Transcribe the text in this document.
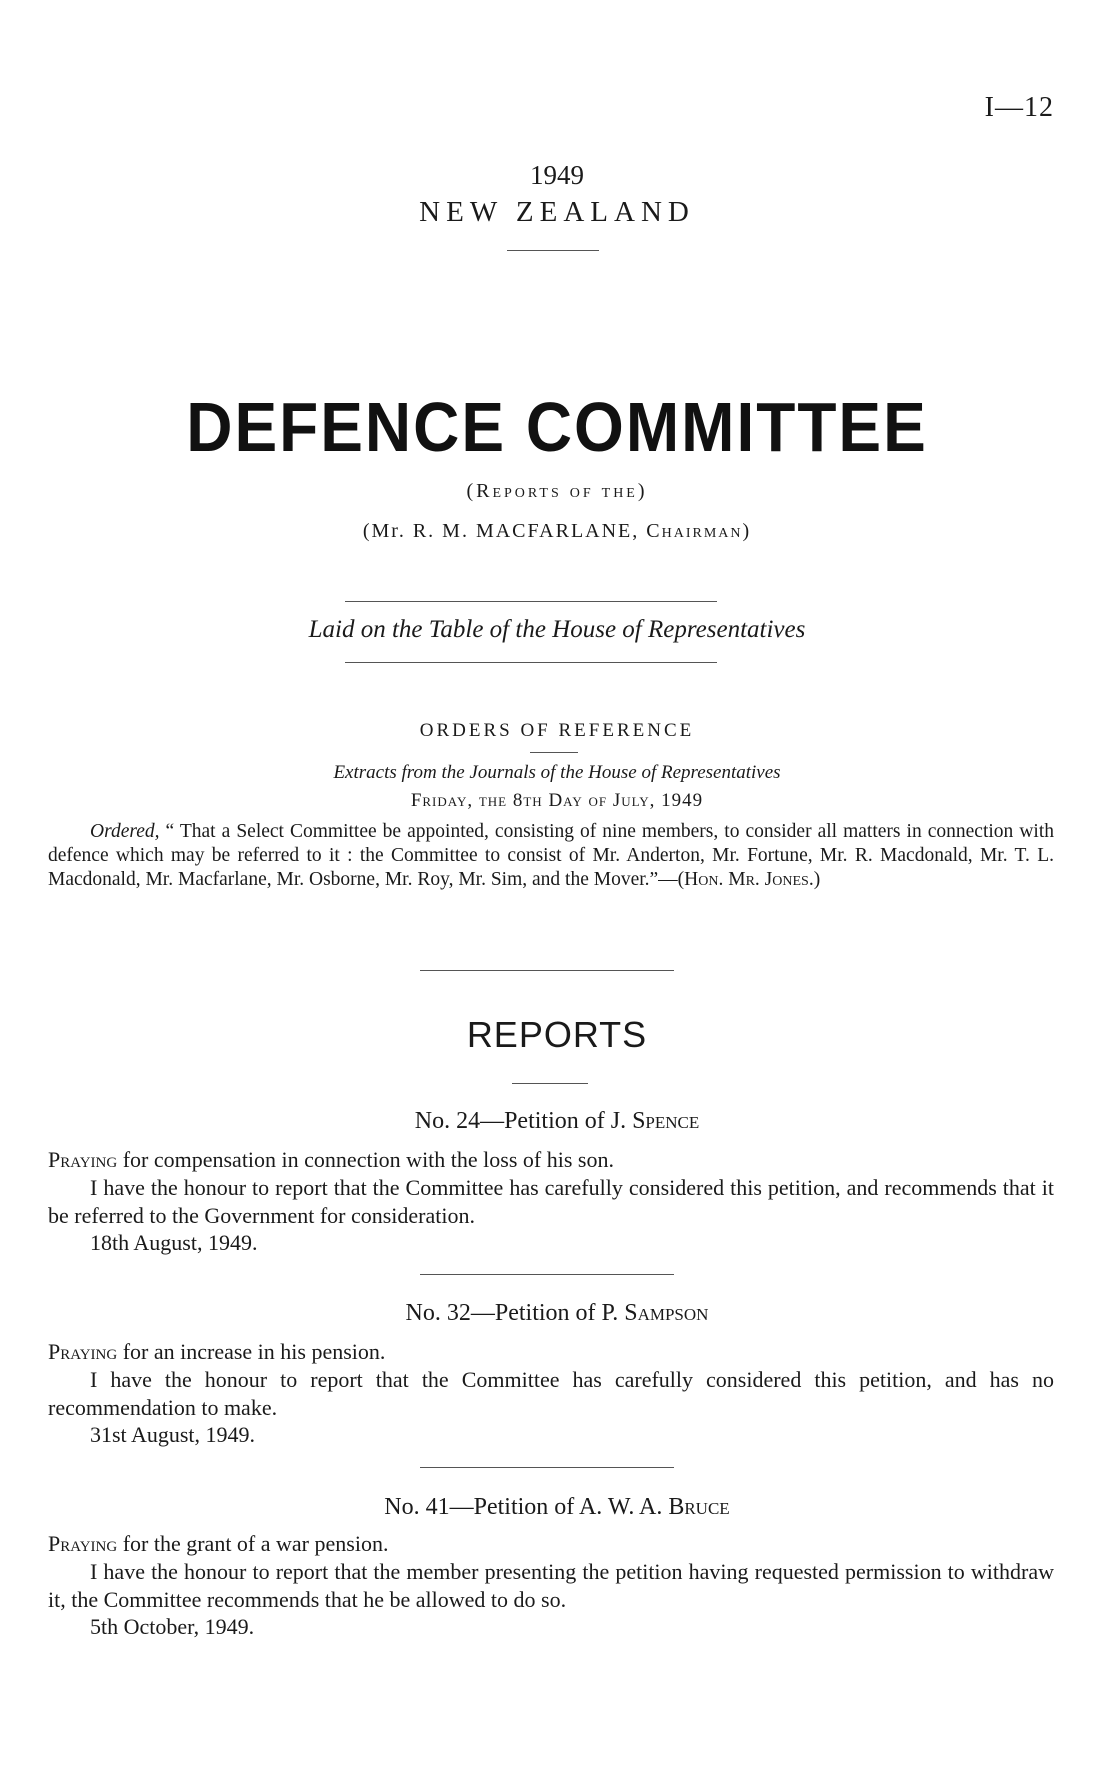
I—12
1949
NEW ZEALAND
DEFENCE COMMITTEE
(Reports of the)
(Mr. R. M. MACFARLANE, Chairman)
Laid on the Table of the House of Representatives
ORDERS OF REFERENCE
Extracts from the Journals of the House of Representatives
Friday, the 8th Day of July, 1949
Ordered, “ That a Select Committee be appointed, consisting of nine members, to consider all matters in connection with defence which may be referred to it : the Committee to consist of Mr. Anderton, Mr. Fortune, Mr. R. Macdonald, Mr. T. L. Macdonald, Mr. Macfarlane, Mr. Osborne, Mr. Roy, Mr. Sim, and the Mover.”—(Hon. Mr. Jones.)
REPORTS
No. 24—Petition of J. Spence
Praying for compensation in connection with the loss of his son.
I have the honour to report that the Committee has carefully considered this petition, and recommends that it be referred to the Government for consideration.
18th August, 1949.
No. 32—Petition of P. Sampson
Praying for an increase in his pension.
I have the honour to report that the Committee has carefully considered this petition, and has no recommendation to make.
31st August, 1949.
No. 41—Petition of A. W. A. Bruce
Praying for the grant of a war pension.
I have the honour to report that the member presenting the petition having requested permission to withdraw it, the Committee recommends that he be allowed to do so.
5th October, 1949.
